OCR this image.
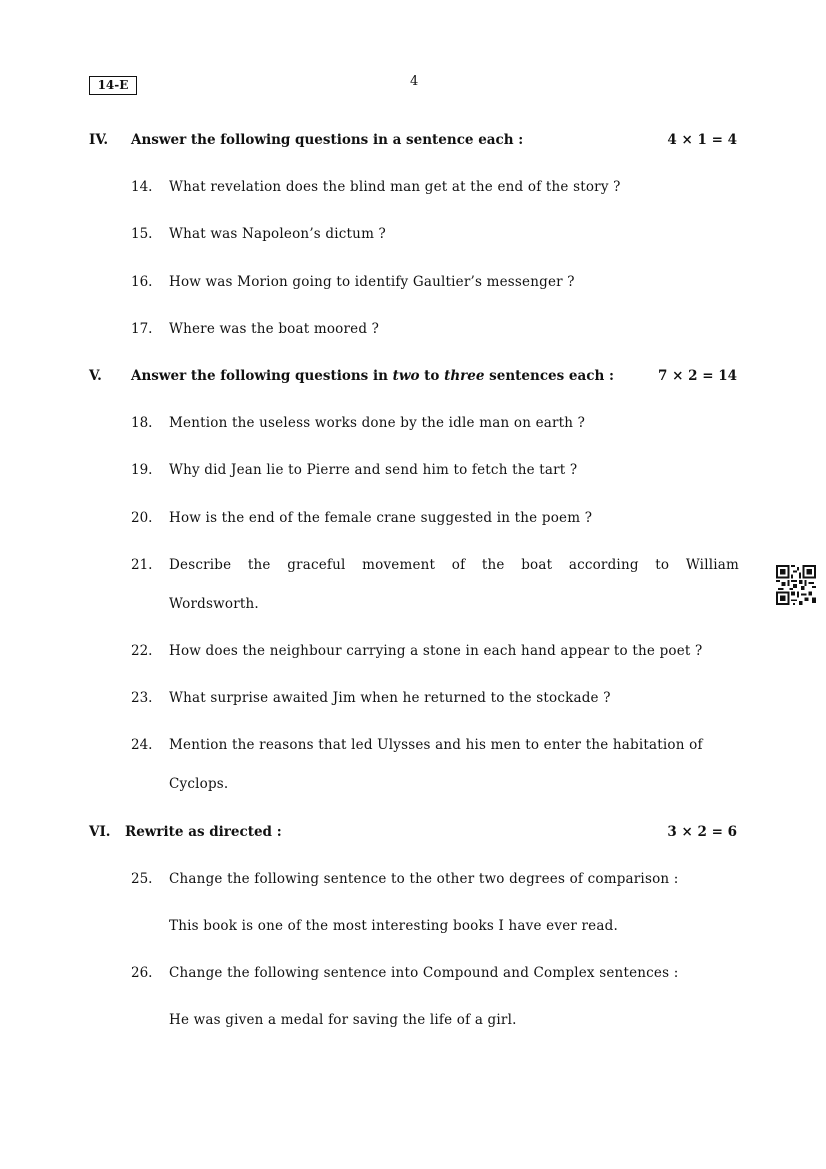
14-E	4
IV. Answer the following questions in a sentence each :	4 × 1 = 4
14. What revelation does the blind man get at the end of the story ?
15. What was Napoleon’s dictum ?
16. How was Morion going to identify Gaultier’s messenger ?
17. Where was the boat moored ?
V. Answer the following questions in two to three sentences each :	7 × 2 = 14
18. Mention the useless works done by the idle man on earth ?
19. Why did Jean lie to Pierre and send him to fetch the tart ?
20. How is the end of the female crane suggested in the poem ?
21. Describe the graceful movement of the boat according to William
Wordsworth.
22. How does the neighbour carrying a stone in each hand appear to the poet ?
23. What surprise awaited Jim when he returned to the stockade ?
24. Mention the reasons that led Ulysses and his men to enter the habitation of
Cyclops.
VI. Rewrite as directed :	3 × 2 = 6
25. Change the following sentence to the other two degrees of comparison :
This book is one of the most interesting books I have ever read.
26. Change the following sentence into Compound and Complex sentences :
He was given a medal for saving the life of a girl.
